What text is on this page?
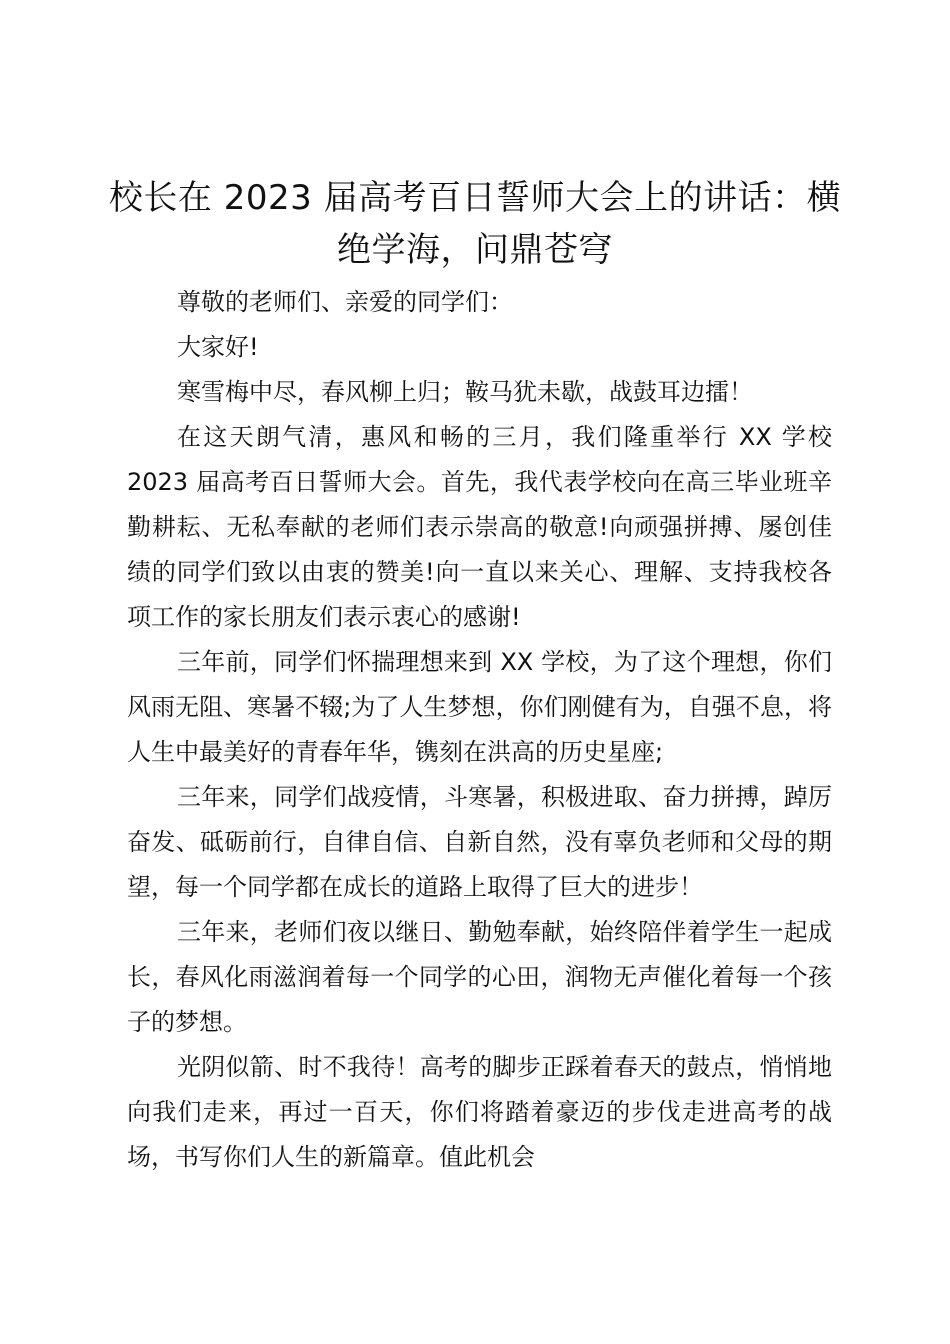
校长在 2023 届高考百日誓师大会上的讲话：横绝学海，问鼎苍穹

尊敬的老师们、亲爱的同学们：

大家好!

寒雪梅中尽，春风柳上归；鞍马犹未歇，战鼓耳边擂！

在这天朗气清，惠风和畅的三月，我们隆重举行 XX 学校 2023 届高考百日誓师大会。首先，我代表学校向在高三毕业班辛勤耕耘、无私奉献的老师们表示崇高的敬意!向顽强拼搏、屡创佳绩的同学们致以由衷的赞美!向一直以来关心、理解、支持我校各项工作的家长朋友们表示衷心的感谢!

三年前，同学们怀揣理想来到 XX 学校，为了这个理想，你们风雨无阻、寒暑不辍;为了人生梦想，你们刚健有为，自强不息，将人生中最美好的青春年华，镌刻在洪高的历史星座;

三年来，同学们战疫情，斗寒暑，积极进取、奋力拼搏，踔厉奋发、砥砺前行，自律自信、自新自然，没有辜负老师和父母的期望，每一个同学都在成长的道路上取得了巨大的进步！

三年来，老师们夜以继日、勤勉奉献，始终陪伴着学生一起成长，春风化雨滋润着每一个同学的心田，润物无声催化着每一个孩子的梦想。

光阴似箭、时不我待！高考的脚步正踩着春天的鼓点，悄悄地向我们走来，再过一百天，你们将踏着豪迈的步伐走进高考的战场，书写你们人生的新篇章。值此机会
